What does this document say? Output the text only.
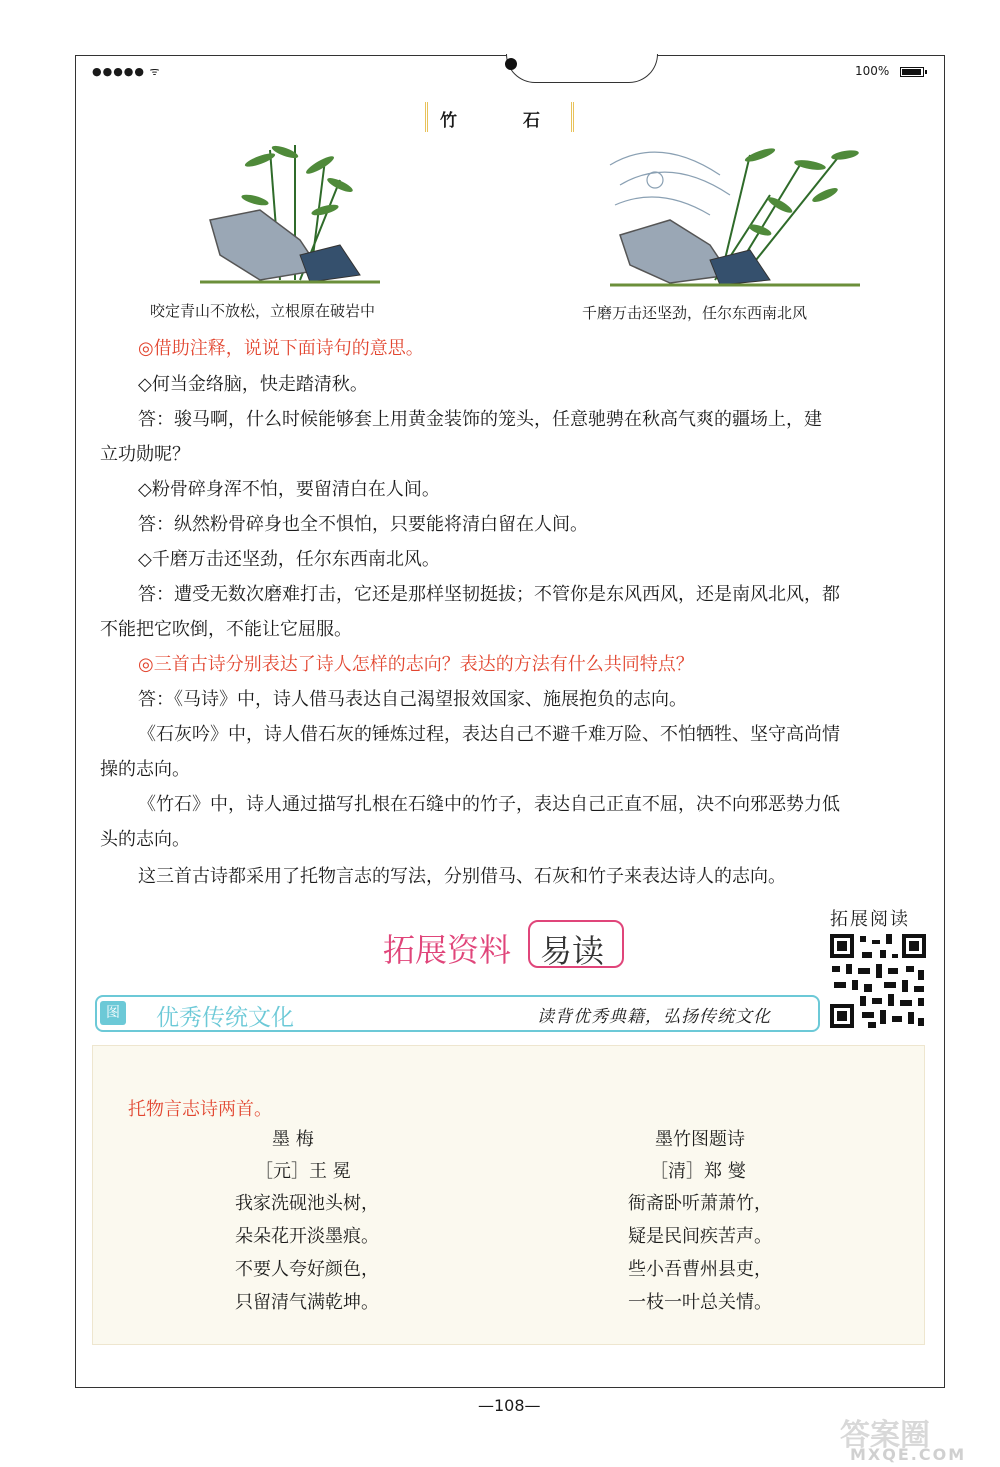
●●●●● ᯤ	100%
竹 石
咬定青山不放松，立根原在破岩中	千磨万击还坚劲，任尔东西南北风
◎借助注释，说说下面诗句的意思。
◇何当金络脑，快走踏清秋。
答：骏马啊，什么时候能够套上用黄金装饰的笼头，任意驰骋在秋高气爽的疆场上，建
立功勋呢？
◇粉骨碎身浑不怕，要留清白在人间。
答：纵然粉骨碎身也全不惧怕，只要能将清白留在人间。
◇千磨万击还坚劲，任尔东西南北风。
答：遭受无数次磨难打击，它还是那样坚韧挺拔；不管你是东风西风，还是南风北风，都
不能把它吹倒，不能让它屈服。
◎三首古诗分别表达了诗人怎样的志向？表达的方法有什么共同特点？
答：《马诗》中，诗人借马表达自己渴望报效国家、施展抱负的志向。
《石灰吟》中，诗人借石灰的锤炼过程，表达自己不避千难万险、不怕牺牲、坚守高尚情
操的志向。
《竹石》中，诗人通过描写扎根在石缝中的竹子，表达自己正直不屈，决不向邪恶势力低
头的志向。
这三首古诗都采用了托物言志的写法，分别借马、石灰和竹子来表达诗人的志向。
拓展资料 易读
拓展阅读
图 优秀传统文化	读背优秀典籍，弘扬传统文化
托物言志诗两首。
墨 梅
［元］王 冕
我家洗砚池头树，
朵朵花开淡墨痕。
不要人夸好颜色，
只留清气满乾坤。
墨竹图题诗
［清］郑 燮
衙斋卧听萧萧竹，
疑是民间疾苦声。
些小吾曹州县吏，
一枝一叶总关情。
—108—
答案圈
MXQE.COM
